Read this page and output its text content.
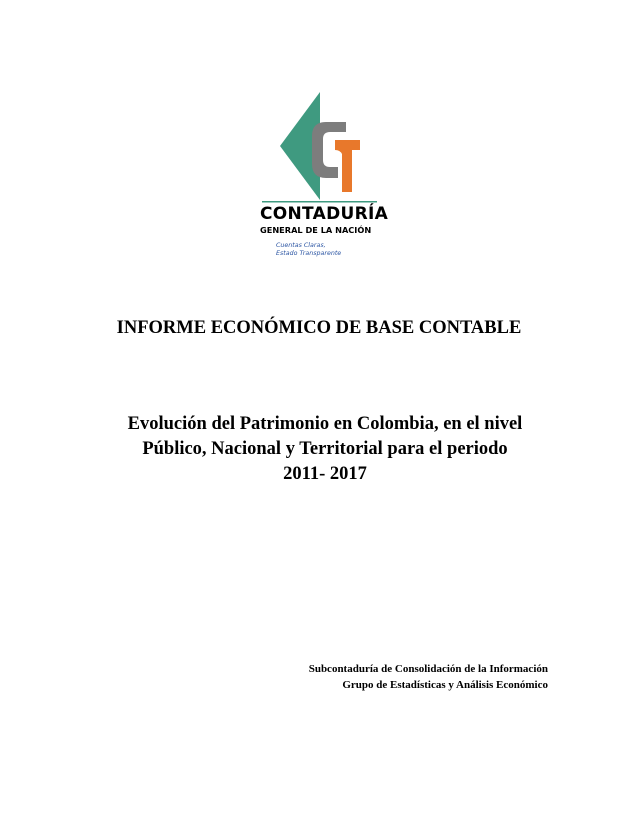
CONTADURÍA
GENERAL DE LA NACIÓN
Cuentas Claras,
Estado Transparente
INFORME ECONÓMICO DE BASE CONTABLE
Evolución del Patrimonio en Colombia, en el nivel
Público, Nacional y Territorial para el periodo
2011- 2017
Subcontaduría de Consolidación de la Información
Grupo de Estadísticas y Análisis Económico
